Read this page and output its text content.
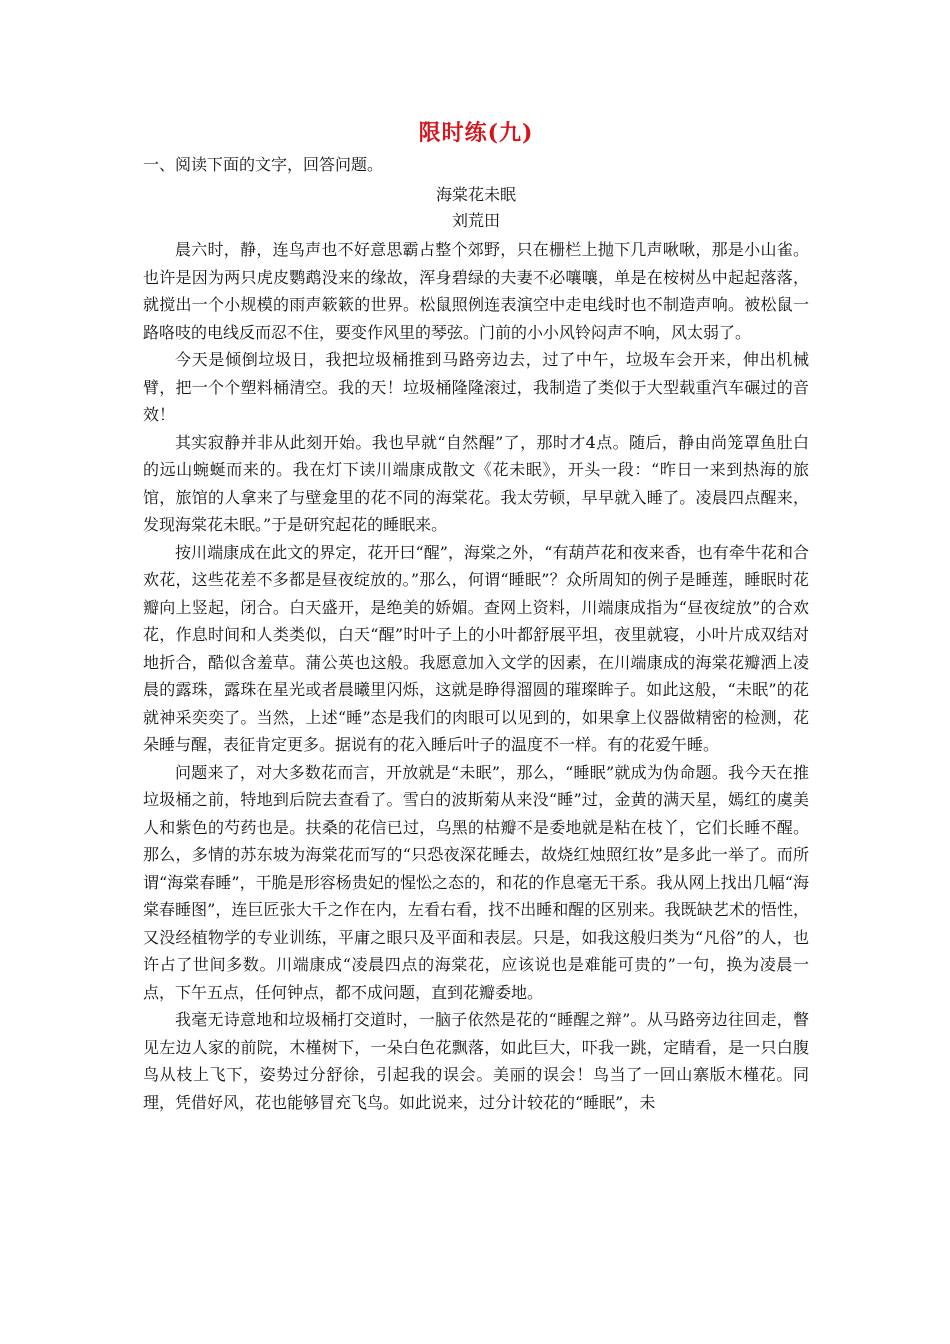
限时练(九)

一、阅读下面的文字，回答问题。

海棠花未眠

刘荒田

晨六时，静，连鸟声也不好意思霸占整个郊野，只在栅栏上抛下几声啾啾，那是小山雀。也许是因为两只虎皮鹦鹉没来的缘故，浑身碧绿的夫妻不必嚷嚷，单是在桉树丛中起起落落，就搅出一个小规模的雨声簌簌的世界。松鼠照例连表演空中走电线时也不制造声响。被松鼠一路咯吱的电线反而忍不住，要变作风里的琴弦。门前的小小风铃闷声不响，风太弱了。

今天是倾倒垃圾日，我把垃圾桶推到马路旁边去，过了中午，垃圾车会开来，伸出机械臂，把一个个塑料桶清空。我的天！垃圾桶隆隆滚过，我制造了类似于大型载重汽车碾过的音效！

其实寂静并非从此刻开始。我也早就“自然醒”了，那时才4点。随后，静由尚笼罩鱼肚白的远山蜿蜒而来的。我在灯下读川端康成散文《花未眠》，开头一段：“昨日一来到热海的旅馆，旅馆的人拿来了与壁龛里的花不同的海棠花。我太劳顿，早早就入睡了。凌晨四点醒来，发现海棠花未眠。”于是研究起花的睡眠来。

按川端康成在此文的界定，花开曰“醒”，海棠之外，“有葫芦花和夜来香，也有牵牛花和合欢花，这些花差不多都是昼夜绽放的。”那么，何谓“睡眠”？众所周知的例子是睡莲，睡眠时花瓣向上竖起，闭合。白天盛开，是绝美的娇媚。查网上资料，川端康成指为“昼夜绽放”的合欢花，作息时间和人类类似，白天“醒”时叶子上的小叶都舒展平坦，夜里就寝，小叶片成双结对地折合，酷似含羞草。蒲公英也这般。我愿意加入文学的因素，在川端康成的海棠花瓣洒上凌晨的露珠，露珠在星光或者晨曦里闪烁，这就是睁得溜圆的璀璨眸子。如此这般，“未眠”的花就神采奕奕了。当然，上述“睡”态是我们的肉眼可以见到的，如果拿上仪器做精密的检测，花朵睡与醒，表征肯定更多。据说有的花入睡后叶子的温度不一样。有的花爱午睡。

问题来了，对大多数花而言，开放就是“未眠”，那么，“睡眠”就成为伪命题。我今天在推垃圾桶之前，特地到后院去查看了。雪白的波斯菊从来没“睡”过，金黄的满天星，嫣红的虞美人和紫色的芍药也是。扶桑的花信已过，乌黑的枯瓣不是委地就是粘在枝丫，它们长睡不醒。那么，多情的苏东坡为海棠花而写的“只恐夜深花睡去，故烧红烛照红妆”是多此一举了。而所谓“海棠春睡”，干脆是形容杨贵妃的惺忪之态的，和花的作息毫无干系。我从网上找出几幅“海棠春睡图”，连巨匠张大千之作在内，左看右看，找不出睡和醒的区别来。我既缺艺术的悟性，又没经植物学的专业训练，平庸之眼只及平面和表层。只是，如我这般归类为“凡俗”的人，也许占了世间多数。川端康成“凌晨四点的海棠花，应该说也是难能可贵的”一句，换为凌晨一点，下午五点，任何钟点，都不成问题，直到花瓣委地。

我毫无诗意地和垃圾桶打交道时，一脑子依然是花的“睡醒之辩”。从马路旁边往回走，瞥见左边人家的前院，木槿树下，一朵白色花飘落，如此巨大，吓我一跳，定睛看，是一只白腹鸟从枝上飞下，姿势过分舒徐，引起我的误会。美丽的误会！鸟当了一回山寨版木槿花。同理，凭借好风，花也能够冒充飞鸟。如此说来，过分计较花的“睡眠”，未
